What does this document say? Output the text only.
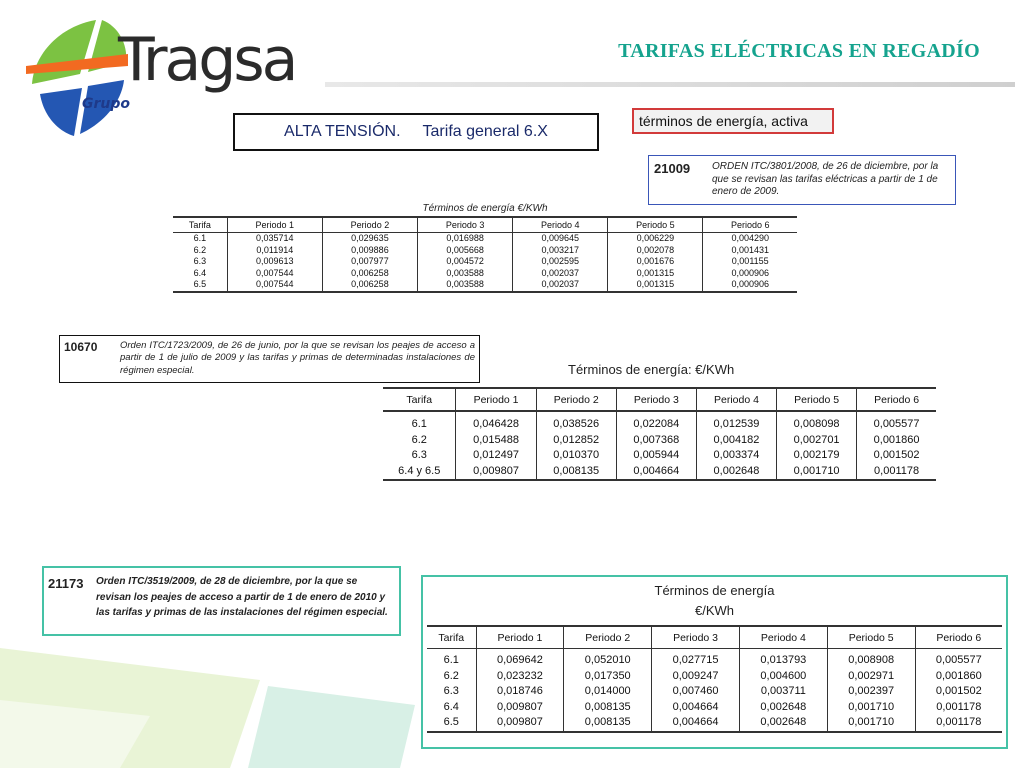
Tragsa
Grupo
TARIFAS ELÉCTRICAS EN REGADÍO
ALTA TENSIÓN. Tarifa general 6.X
términos de energía, activa
21009	ORDEN ITC/3801/2008, de 26 de diciembre, por la que se revisan las tarifas eléctricas a partir de 1 de enero de 2009.
Términos de energía €/KWh
Tarifa	Periodo 1	Periodo 2	Periodo 3	Periodo 4	Periodo 5	Periodo 6
6.1	0,035714	0,029635	0,016988	0,009645	0,006229	0,004290
6.2	0,011914	0,009886	0,005668	0,003217	0,002078	0,001431
6.3	0,009613	0,007977	0,004572	0,002595	0,001676	0,001155
6.4	0,007544	0,006258	0,003588	0,002037	0,001315	0,000906
6.5	0,007544	0,006258	0,003588	0,002037	0,001315	0,000906
10670	Orden ITC/1723/2009, de 26 de junio, por la que se revisan los peajes de acceso a partir de 1 de julio de 2009 y las tarifas y primas de determinadas instalaciones de régimen especial.	Términos de energía: €/KWh
Tarifa	Periodo 1	Periodo 2	Periodo 3	Periodo 4	Periodo 5	Periodo 6
6.1	0,046428	0,038526	0,022084	0,012539	0,008098	0,005577
6.2	0,015488	0,012852	0,007368	0,004182	0,002701	0,001860
6.3	0,012497	0,010370	0,005944	0,003374	0,002179	0,001502
6.4 y 6.5	0,009807	0,008135	0,004664	0,002648	0,001710	0,001178
21173	Orden ITC/3519/2009, de 28 de diciembre, por la que se revisan los peajes de acceso a partir de 1 de enero de 2010 y las tarifas y primas de las instalaciones del régimen especial.
Términos de energía
€/KWh
Tarifa	Periodo 1	Periodo 2	Periodo 3	Periodo 4	Periodo 5	Periodo 6
6.1	0,069642	0,052010	0,027715	0,013793	0,008908	0,005577
6.2	0,023232	0,017350	0,009247	0,004600	0,002971	0,001860
6.3	0,018746	0,014000	0,007460	0,003711	0,002397	0,001502
6.4	0,009807	0,008135	0,004664	0,002648	0,001710	0,001178
6.5	0,009807	0,008135	0,004664	0,002648	0,001710	0,001178
